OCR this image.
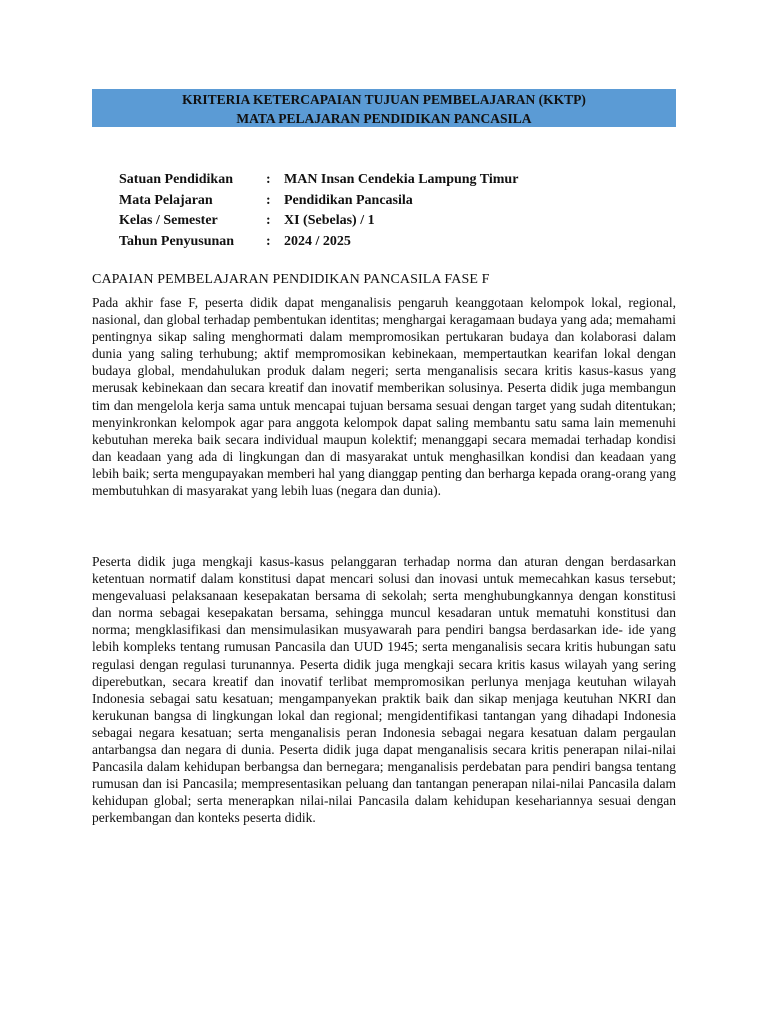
KRITERIA KETERCAPAIAN TUJUAN PEMBELAJARAN (KKTP)
MATA PELAJARAN PENDIDIKAN PANCASILA
Satuan Pendidikan	: MAN Insan Cendekia Lampung Timur
Mata Pelajaran	: Pendidikan Pancasila
Kelas / Semester	: XI (Sebelas) / 1
Tahun Penyusunan	: 2024 / 2025
CAPAIAN PEMBELAJARAN PENDIDIKAN PANCASILA FASE F

Pada akhir fase F, peserta didik dapat menganalisis pengaruh keanggotaan kelompok lokal, regional, nasional, dan global terhadap pembentukan identitas; menghargai keragamaan budaya yang ada; memahami pentingnya sikap saling menghormati dalam mempromosikan pertukaran budaya dan kolaborasi dalam dunia yang saling terhubung; aktif mempromosikan kebinekaan, mempertautkan kearifan lokal dengan budaya global, mendahulukan produk dalam negeri; serta menganalisis secara kritis kasus-kasus yang merusak kebinekaan dan secara kreatif dan inovatif memberikan solusinya. Peserta didik juga membangun tim dan mengelola kerja sama untuk mencapai tujuan bersama sesuai dengan target yang sudah ditentukan; menyinkronkan kelompok agar para anggota kelompok dapat saling membantu satu sama lain memenuhi kebutuhan mereka baik secara individual maupun kolektif; menanggapi secara memadai terhadap kondisi dan keadaan yang ada di lingkungan dan di masyarakat untuk menghasilkan kondisi dan keadaan yang lebih baik; serta mengupayakan memberi hal yang dianggap penting dan berharga kepada orang-orang yang membutuhkan di masyarakat yang lebih luas (negara dan dunia).

Peserta didik juga mengkaji kasus-kasus pelanggaran terhadap norma dan aturan dengan berdasarkan ketentuan normatif dalam konstitusi dapat mencari solusi dan inovasi untuk memecahkan kasus tersebut; mengevaluasi pelaksanaan kesepakatan bersama di sekolah; serta menghubungkannya dengan konstitusi dan norma sebagai kesepakatan bersama, sehingga muncul kesadaran untuk mematuhi konstitusi dan norma; mengklasifikasi dan mensimulasikan musyawarah para pendiri bangsa berdasarkan ide- ide yang lebih kompleks tentang rumusan Pancasila dan UUD 1945; serta menganalisis secara kritis hubungan satu regulasi dengan regulasi turunannya. Peserta didik juga mengkaji secara kritis kasus wilayah yang sering diperebutkan, secara kreatif dan inovatif terlibat mempromosikan perlunya menjaga keutuhan wilayah Indonesia sebagai satu kesatuan; mengampanyekan praktik baik dan sikap menjaga keutuhan NKRI dan kerukunan bangsa di lingkungan lokal dan regional; mengidentifikasi tantangan yang dihadapi Indonesia sebagai negara kesatuan; serta menganalisis peran Indonesia sebagai negara kesatuan dalam pergaulan antarbangsa dan negara di dunia. Peserta didik juga dapat menganalisis secara kritis penerapan nilai-nilai Pancasila dalam kehidupan berbangsa dan bernegara; menganalisis perdebatan para pendiri bangsa tentang rumusan dan isi Pancasila; mempresentasikan peluang dan tantangan penerapan nilai-nilai Pancasila dalam kehidupan global; serta menerapkan nilai-nilai Pancasila dalam kehidupan kesehariannya sesuai dengan perkembangan dan konteks peserta didik.
